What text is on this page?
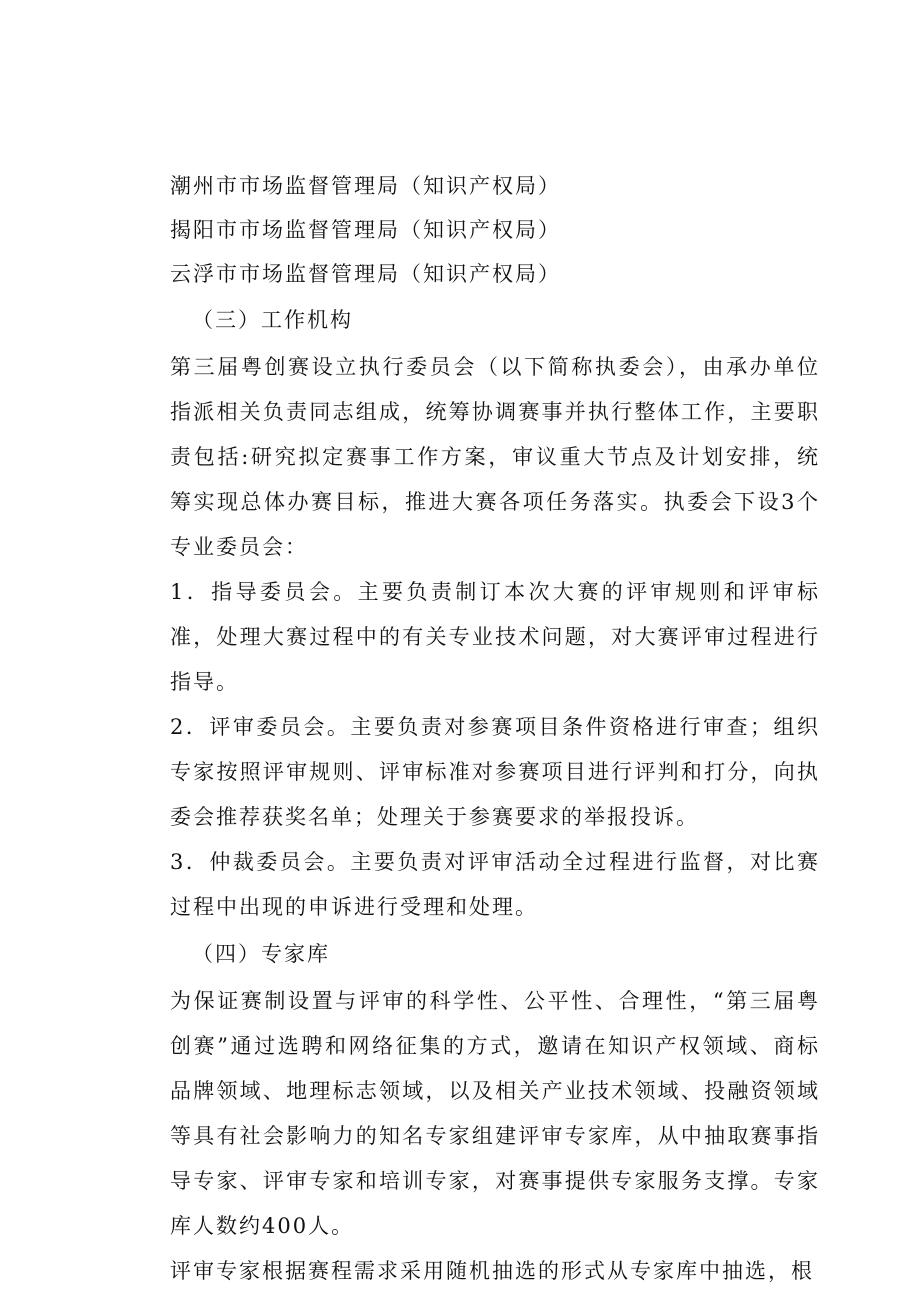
潮州市市场监督管理局（知识产权局）

揭阳市市场监督管理局（知识产权局）

云浮市市场监督管理局（知识产权局）

（三）工作机构

第三届粤创赛设立执行委员会（以下简称执委会），由承办单位指派相关负责同志组成，统筹协调赛事并执行整体工作，主要职责包括:研究拟定赛事工作方案，审议重大节点及计划安排，统筹实现总体办赛目标，推进大赛各项任务落实。执委会下设3个专业委员会：

1．指导委员会。主要负责制订本次大赛的评审规则和评审标准，处理大赛过程中的有关专业技术问题，对大赛评审过程进行指导。

2．评审委员会。主要负责对参赛项目条件资格进行审查；组织专家按照评审规则、评审标准对参赛项目进行评判和打分，向执委会推荐获奖名单；处理关于参赛要求的举报投诉。

3．仲裁委员会。主要负责对评审活动全过程进行监督，对比赛过程中出现的申诉进行受理和处理。

（四）专家库

为保证赛制设置与评审的科学性、公平性、合理性，“第三届粤创赛”通过选聘和网络征集的方式，邀请在知识产权领域、商标品牌领域、地理标志领域，以及相关产业技术领域、投融资领域等具有社会影响力的知名专家组建评审专家库，从中抽取赛事指导专家、评审专家和培训专家，对赛事提供专家服务支撑。专家库人数约400人。

评审专家根据赛程需求采用随机抽选的形式从专家库中抽选，根
